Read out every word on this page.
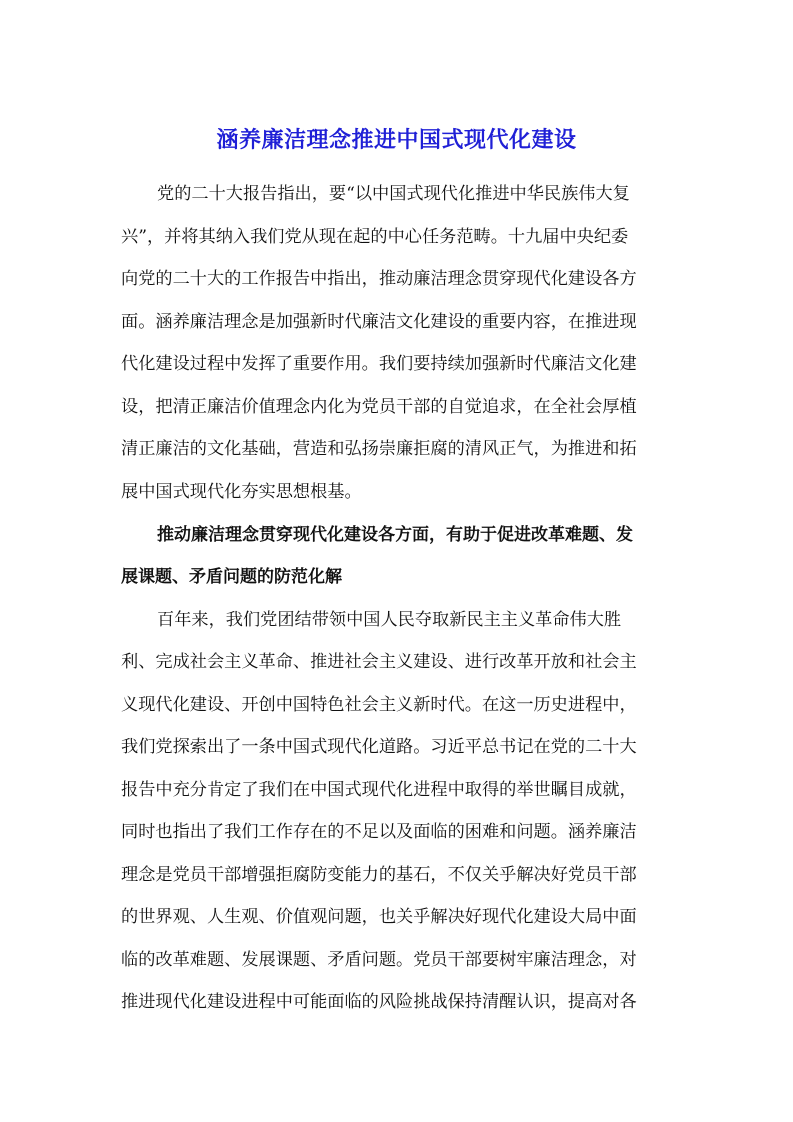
涵养廉洁理念推进中国式现代化建设
党的二十大报告指出，要“以中国式现代化推进中华民族伟大复
兴”，并将其纳入我们党从现在起的中心任务范畴。十九届中央纪委
向党的二十大的工作报告中指出，推动廉洁理念贯穿现代化建设各方
面。涵养廉洁理念是加强新时代廉洁文化建设的重要内容，在推进现
代化建设过程中发挥了重要作用。我们要持续加强新时代廉洁文化建
设，把清正廉洁价值理念内化为党员干部的自觉追求，在全社会厚植
清正廉洁的文化基础，营造和弘扬崇廉拒腐的清风正气，为推进和拓
展中国式现代化夯实思想根基。
推动廉洁理念贯穿现代化建设各方面，有助于促进改革难题、发
展课题、矛盾问题的防范化解
百年来，我们党团结带领中国人民夺取新民主主义革命伟大胜
利、完成社会主义革命、推进社会主义建设、进行改革开放和社会主
义现代化建设、开创中国特色社会主义新时代。在这一历史进程中，
我们党探索出了一条中国式现代化道路。习近平总书记在党的二十大
报告中充分肯定了我们在中国式现代化进程中取得的举世瞩目成就，
同时也指出了我们工作存在的不足以及面临的困难和问题。涵养廉洁
理念是党员干部增强拒腐防变能力的基石，不仅关乎解决好党员干部
的世界观、人生观、价值观问题，也关乎解决好现代化建设大局中面
临的改革难题、发展课题、矛盾问题。党员干部要树牢廉洁理念，对
推进现代化建设进程中可能面临的风险挑战保持清醒认识，提高对各
